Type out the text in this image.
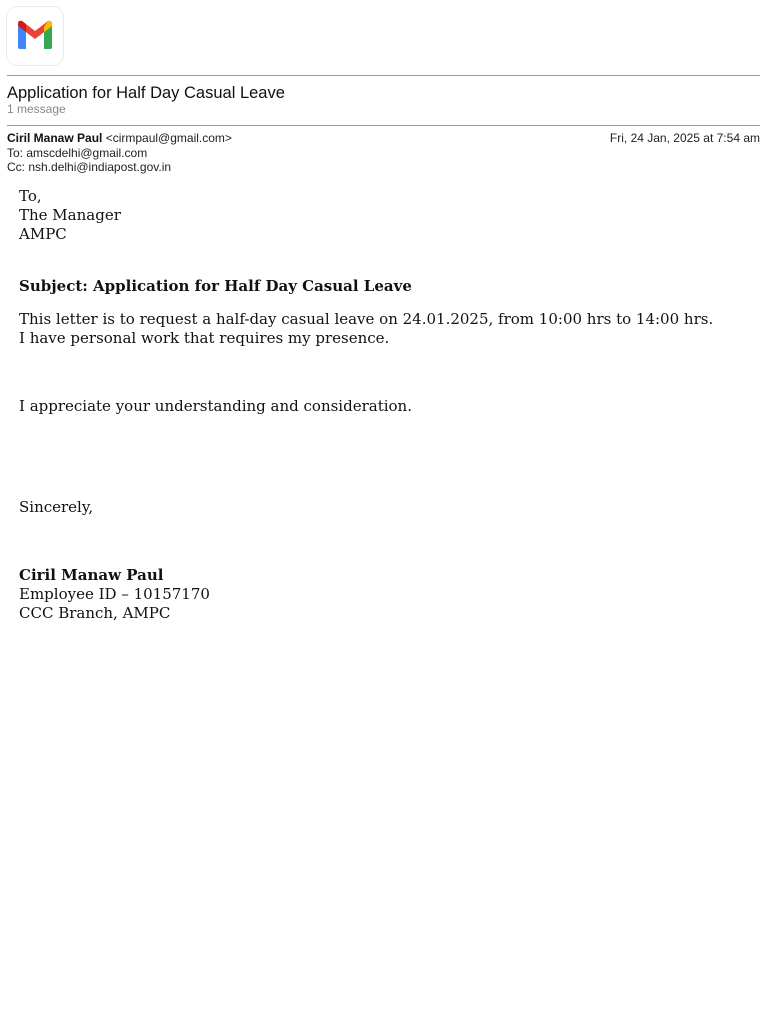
Application for Half Day Casual Leave
1 message
Ciril Manaw Paul <cirmpaul@gmail.com>	Fri, 24 Jan, 2025 at 7:54 am
To: amscdelhi@gmail.com
Cc: nsh.delhi@indiapost.gov.in
To,
The Manager
AMPC
Subject: Application for Half Day Casual Leave
This letter is to request a half-day casual leave on 24.01.2025, from 10:00 hrs to 14:00 hrs. I have personal work that requires my presence.
I appreciate your understanding and consideration.
Sincerely,
Ciril Manaw Paul
Employee ID – 10157170
CCC Branch, AMPC
